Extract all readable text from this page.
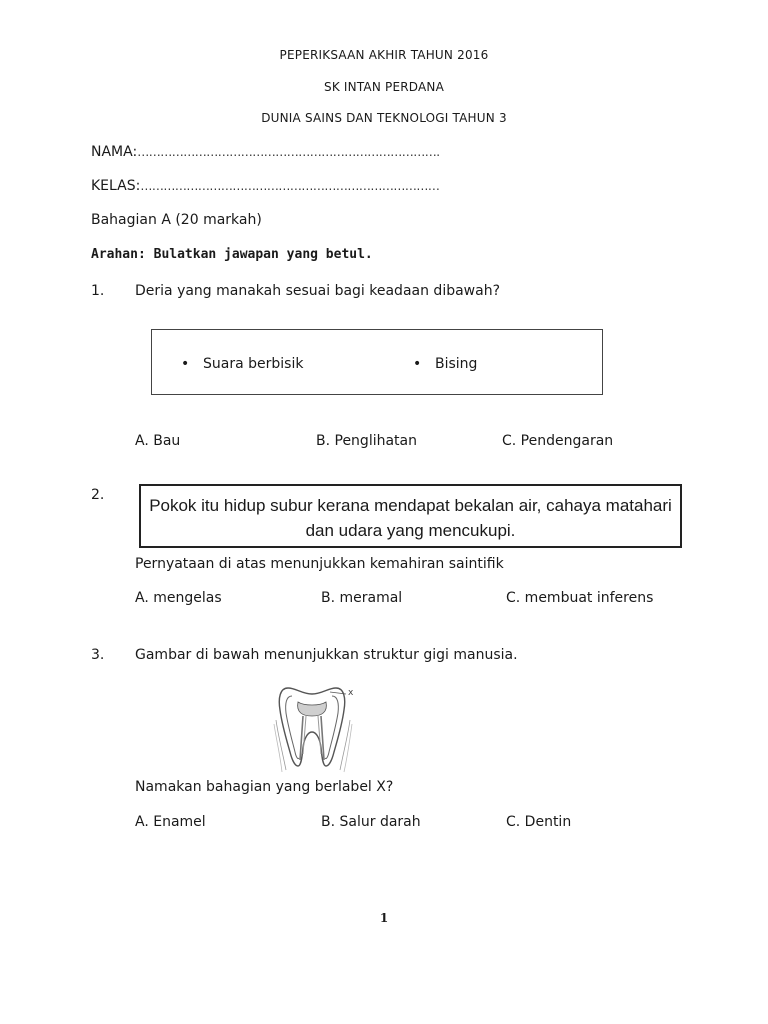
PEPERIKSAAN AKHIR TAHUN 2016
SK INTAN PERDANA
DUNIA SAINS DAN TEKNOLOGI TAHUN 3
NAMA:…………………………………………………………………….
KELAS:……………………………………………………………………
Bahagian A (20 markah)
Arahan: Bulatkan jawapan yang betul.
1. Deria yang manakah sesuai bagi keadaan dibawah?
• Suara berbisik	• Bising
A. Bau	B. Penglihatan	C. Pendengaran
2.
Pokok itu hidup subur kerana mendapat bekalan air, cahaya matahari dan udara yang mencukupi.
Pernyataan di atas menunjukkan kemahiran saintifik
A. mengelas	B. meramal	C. membuat inferens
3. Gambar di bawah menunjukkan struktur gigi manusia.
x
Namakan bahagian yang berlabel X?
A. Enamel	B. Salur darah	C. Dentin
1
